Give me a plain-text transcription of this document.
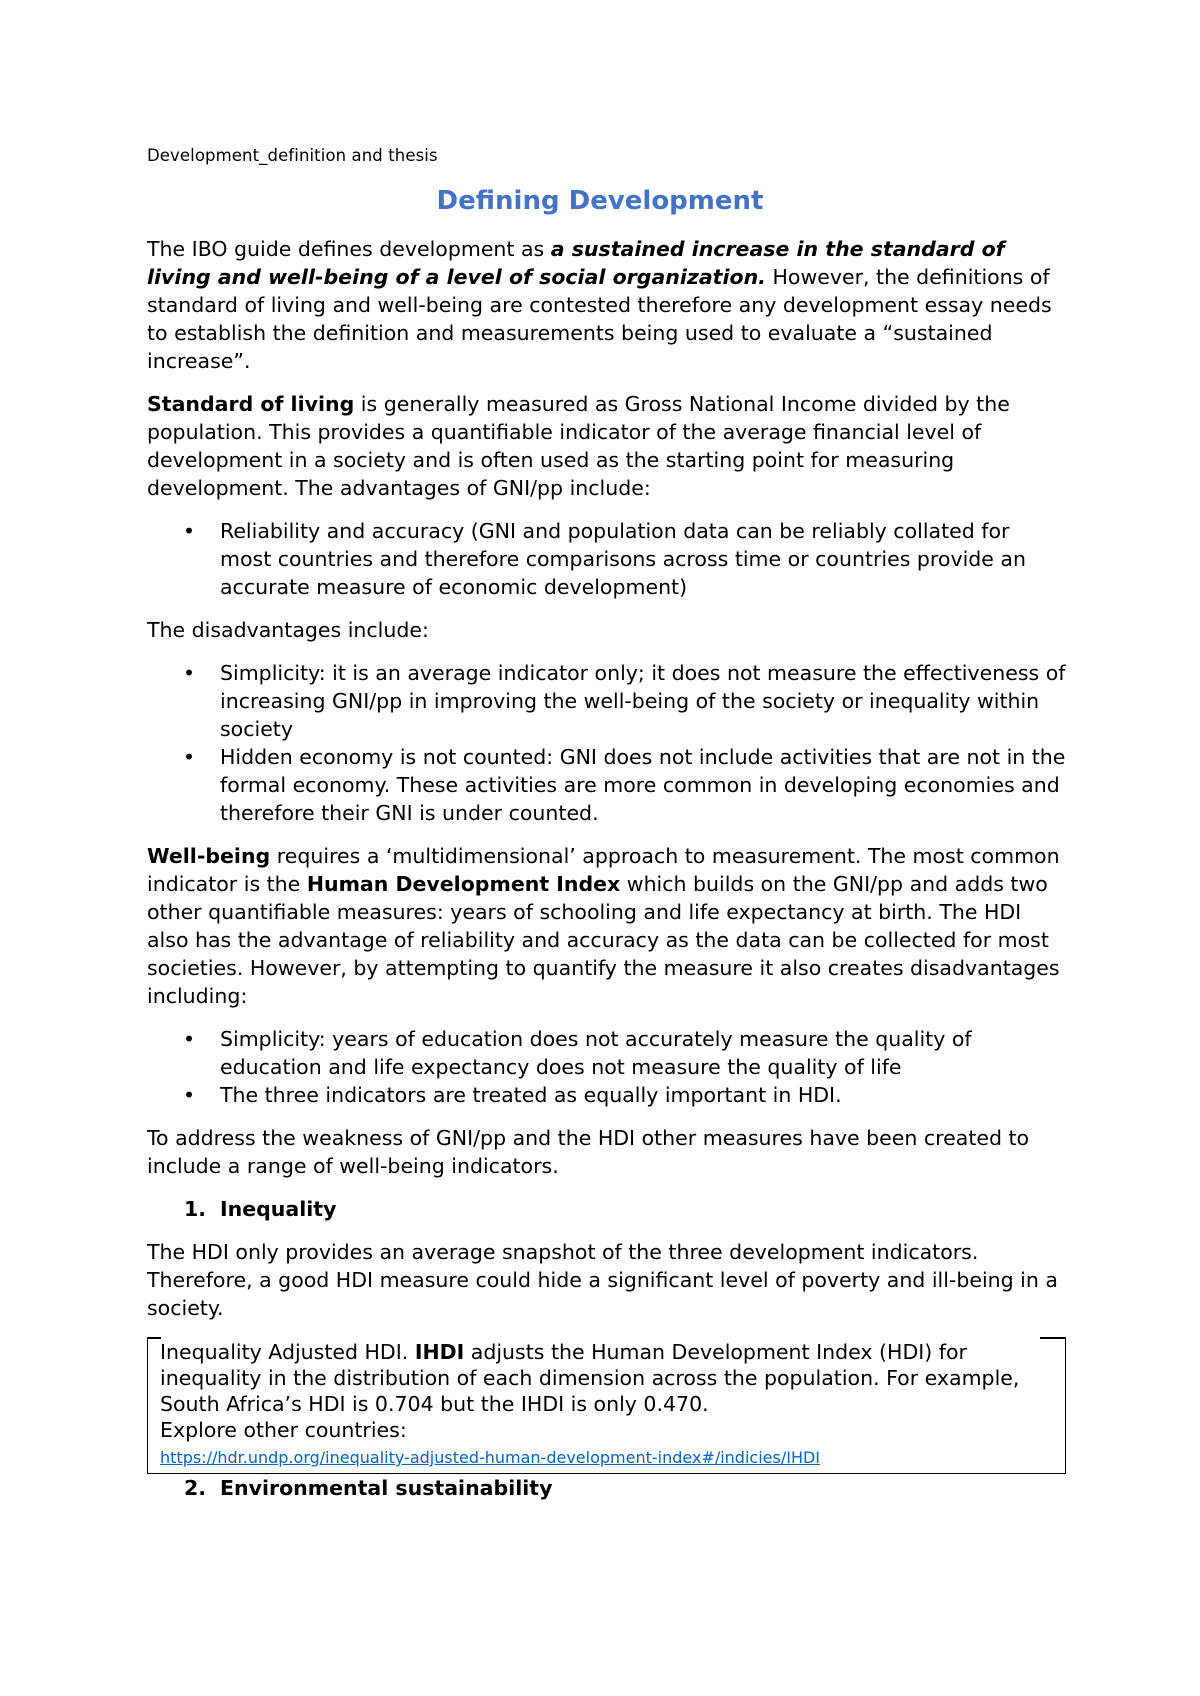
Development_definition and thesis
Defining Development

The IBO guide defines development as a sustained increase in the standard of living and well-being of a level of social organization. However, the definitions of standard of living and well-being are contested therefore any development essay needs to establish the definition and measurements being used to evaluate a “sustained increase”.

Standard of living is generally measured as Gross National Income divided by the population. This provides a quantifiable indicator of the average financial level of development in a society and is often used as the starting point for measuring development. The advantages of GNI/pp include:

• Reliability and accuracy (GNI and population data can be reliably collated for most countries and therefore comparisons across time or countries provide an accurate measure of economic development)

The disadvantages include:

• Simplicity: it is an average indicator only; it does not measure the effectiveness of increasing GNI/pp in improving the well-being of the society or inequality within society
• Hidden economy is not counted: GNI does not include activities that are not in the formal economy. These activities are more common in developing economies and therefore their GNI is under counted.

Well-being requires a ‘multidimensional’ approach to measurement. The most common indicator is the Human Development Index which builds on the GNI/pp and adds two other quantifiable measures: years of schooling and life expectancy at birth. The HDI also has the advantage of reliability and accuracy as the data can be collected for most societies. However, by attempting to quantify the measure it also creates disadvantages including:

• Simplicity: years of education does not accurately measure the quality of education and life expectancy does not measure the quality of life
• The three indicators are treated as equally important in HDI.

To address the weakness of GNI/pp and the HDI other measures have been created to include a range of well-being indicators.

1. Inequality

The HDI only provides an average snapshot of the three development indicators. Therefore, a good HDI measure could hide a significant level of poverty and ill-being in a society.

Inequality Adjusted HDI. IHDI adjusts the Human Development Index (HDI) for inequality in the distribution of each dimension across the population. For example, South Africa’s HDI is 0.704 but the IHDI is only 0.470.
Explore other countries:
https://hdr.undp.org/inequality-adjusted-human-development-index#/indicies/IHDI
2. Environmental sustainability
